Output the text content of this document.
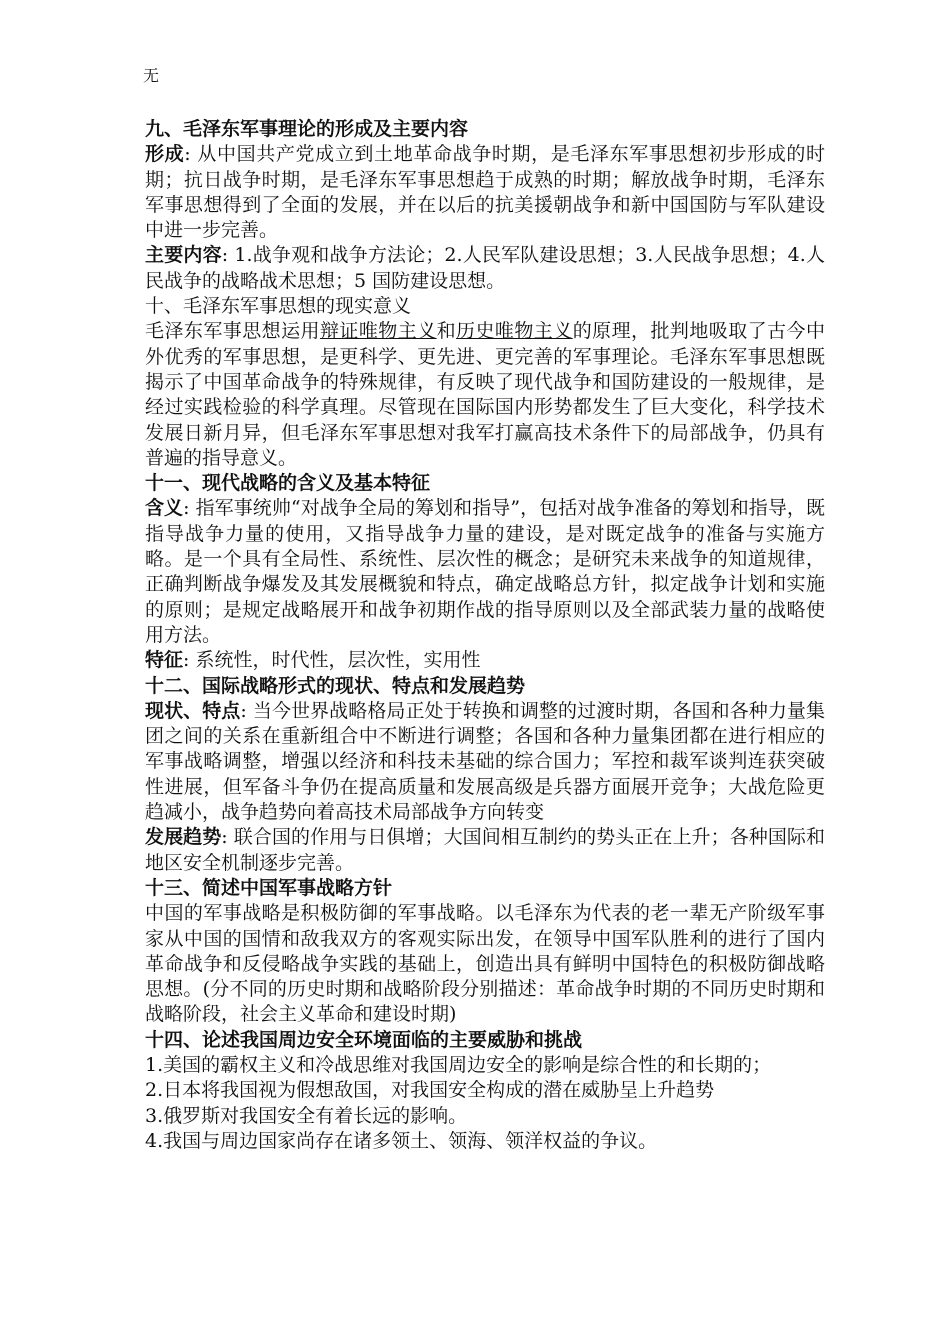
无

九、毛泽东军事理论的形成及主要内容

形成: 从中国共产党成立到土地革命战争时期，是毛泽东军事思想初步形成的时期；抗日战争时期，是毛泽东军事思想趋于成熟的时期；解放战争时期，毛泽东军事思想得到了全面的发展，并在以后的抗美援朝战争和新中国国防与军队建设中进一步完善。

主要内容: 1.战争观和战争方法论；2.人民军队建设思想；3.人民战争思想；4.人民战争的战略战术思想；5 国防建设思想。

十、毛泽东军事思想的现实意义

毛泽东军事思想运用辩证唯物主义和历史唯物主义的原理，批判地吸取了古今中外优秀的军事思想，是更科学、更先进、更完善的军事理论。毛泽东军事思想既揭示了中国革命战争的特殊规律，有反映了现代战争和国防建设的一般规律，是经过实践检验的科学真理。尽管现在国际国内形势都发生了巨大变化，科学技术发展日新月异，但毛泽东军事思想对我军打赢高技术条件下的局部战争，仍具有普遍的指导意义。

十一、现代战略的含义及基本特征

含义: 指军事统帅“对战争全局的筹划和指导”，包括对战争准备的筹划和指导，既指导战争力量的使用，又指导战争力量的建设，是对既定战争的准备与实施方略。是一个具有全局性、系统性、层次性的概念；是研究未来战争的知道规律，正确判断战争爆发及其发展概貌和特点，确定战略总方针，拟定战争计划和实施的原则；是规定战略展开和战争初期作战的指导原则以及全部武装力量的战略使用方法。

特征: 系统性，时代性，层次性，实用性

十二、国际战略形式的现状、特点和发展趋势

现状、特点: 当今世界战略格局正处于转换和调整的过渡时期，各国和各种力量集团之间的关系在重新组合中不断进行调整；各国和各种力量集团都在进行相应的军事战略调整，增强以经济和科技未基础的综合国力；军控和裁军谈判连获突破性进展，但军备斗争仍在提高质量和发展高级是兵器方面展开竞争；大战危险更趋减小，战争趋势向着高技术局部战争方向转变

发展趋势: 联合国的作用与日俱增；大国间相互制约的势头正在上升；各种国际和地区安全机制逐步完善。

十三、简述中国军事战略方针

中国的军事战略是积极防御的军事战略。以毛泽东为代表的老一辈无产阶级军事家从中国的国情和敌我双方的客观实际出发，在领导中国军队胜利的进行了国内革命战争和反侵略战争实践的基础上，创造出具有鲜明中国特色的积极防御战略思想。(分不同的历史时期和战略阶段分别描述：革命战争时期的不同历史时期和战略阶段，社会主义革命和建设时期)

十四、论述我国周边安全环境面临的主要威胁和挑战

1.美国的霸权主义和冷战思维对我国周边安全的影响是综合性的和长期的；

2.日本将我国视为假想敌国，对我国安全构成的潜在威胁呈上升趋势

3.俄罗斯对我国安全有着长远的影响。

4.我国与周边国家尚存在诸多领土、领海、领洋权益的争议。
